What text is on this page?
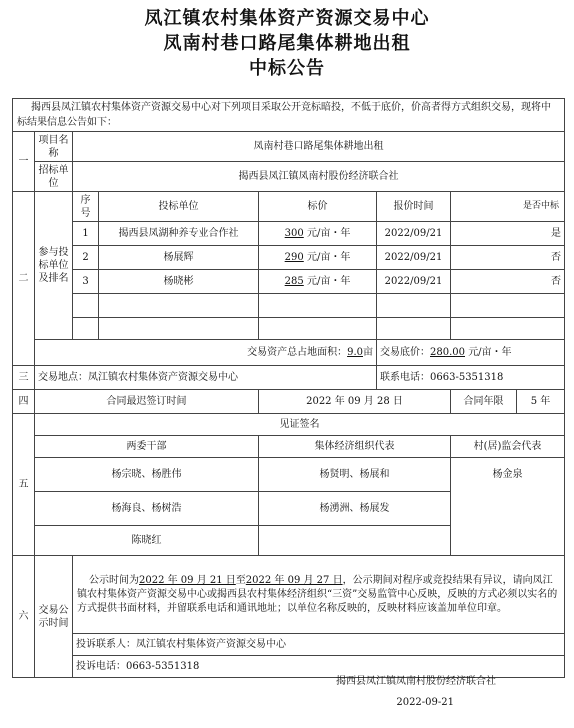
凤江镇农村集体资产资源交易中心
凤南村巷口路尾集体耕地出租
中标公告
揭西县凤江镇农村集体资产资源交易中心对下列项目采取公开竞标暗投，不低于底价，价高者得方式组织交易，现将中标结果信息公告如下：							
一	项目名称	凤南村巷口路尾集体耕地出租					
	招标单位	揭西县凤江镇凤南村股份经济联合社					
二	参与投标单位及排名	序号	投标单位	标价	报价时间	是否中标	

		1	揭西县凤湖种养专业合作社	300 元/亩・年	2022/09/21	是	
		2	杨展辉	290 元/亩・年	2022/09/21	否	
		3	杨晓彬	285 元/亩・年	2022/09/21	否	

	交易资产总占地面积：9.0亩				交易底价：280.00 元/亩・年		
三	交易地点：凤江镇农村集体资产资源交易中心				联系电话：0663-5351318		
四	合同最迟签订时间			2022 年 09 月 28 日		合同年限	5 年
五	见证签名						
	两委干部			集体经济组织代表		村(居)监会代表	
	杨宗晓、杨胜伟			杨贤明、杨展和		杨金泉	
	杨海良、杨树浩			杨湧洲、杨展发			
	陈晓红						
六	交易公示时间	公示时间为2022 年 09 月 21 日至2022 年 09 月 27 日，公示期间对程序或竞投结果有异议，请向凤江镇农村集体资产资源交易中心或揭西县农村集体经济组织“三资”交易监管中心反映，反映的方式必须以实名的方式提供书面材料，并留联系电话和通讯地址；以单位名称反映的，反映材料应该盖加单位印章。					
		投诉联系人：凤江镇农村集体资产资源交易中心					
		投诉电话：0663-5351318					
揭西县凤江镇凤南村股份经济联合社
2022-09-21
